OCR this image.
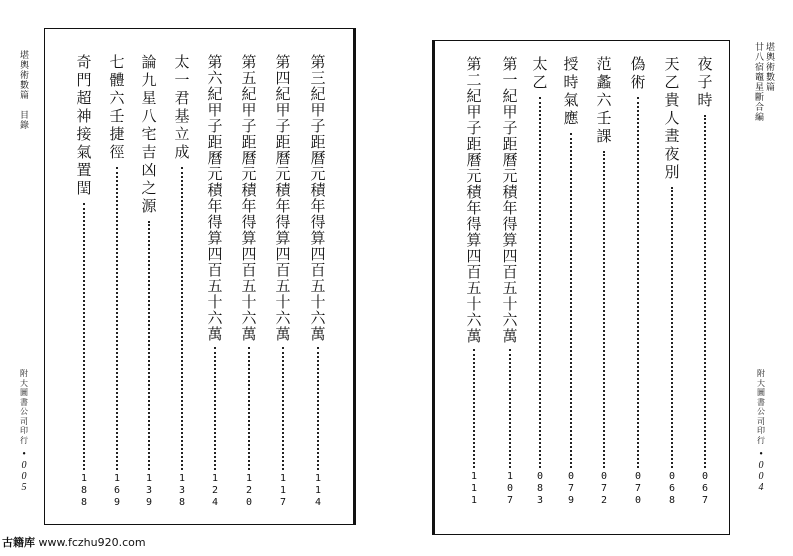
堪
輿
術
數
篇
目
錄
附
大
圖
書
公
司
印
行
•
0
0
5
堪
輿
術
數
篇
廿
八
宿
竈
星
斷
合
編
附
大
圖
書
公
司
印
行
•
0
0
4
第
三
紀
甲
子
距
曆
元
積
年
得
算
四
百
五
十
六
萬
1
1
4
第
四
紀
甲
子
距
曆
元
積
年
得
算
四
百
五
十
六
萬
1
1
7
第
五
紀
甲
子
距
曆
元
積
年
得
算
四
百
五
十
六
萬
1
2
0
第
六
紀
甲
子
距
曆
元
積
年
得
算
四
百
五
十
六
萬
1
2
4
太
一
君
基
立
成
1
3
8
論
九
星
八
宅
吉
凶
之
源
1
3
9
七
體
六
壬
捷
徑
1
6
9
奇
門
超
神
接
氣
置
閏
1
8
8
夜
子
時
0
6
7
天
乙
貴
人
晝
夜
別
0
6
8
偽
術
0
7
0
范
蠡
六
壬
課
0
7
2
授
時
氣
應
0
7
9
太
乙
0
8
3
第
一
紀
甲
子
距
曆
元
積
年
得
算
四
百
五
十
六
萬
1
0
7
第
二
紀
甲
子
距
曆
元
積
年
得
算
四
百
五
十
六
萬
1
1
1
古籍库 www.fczhu920.com
